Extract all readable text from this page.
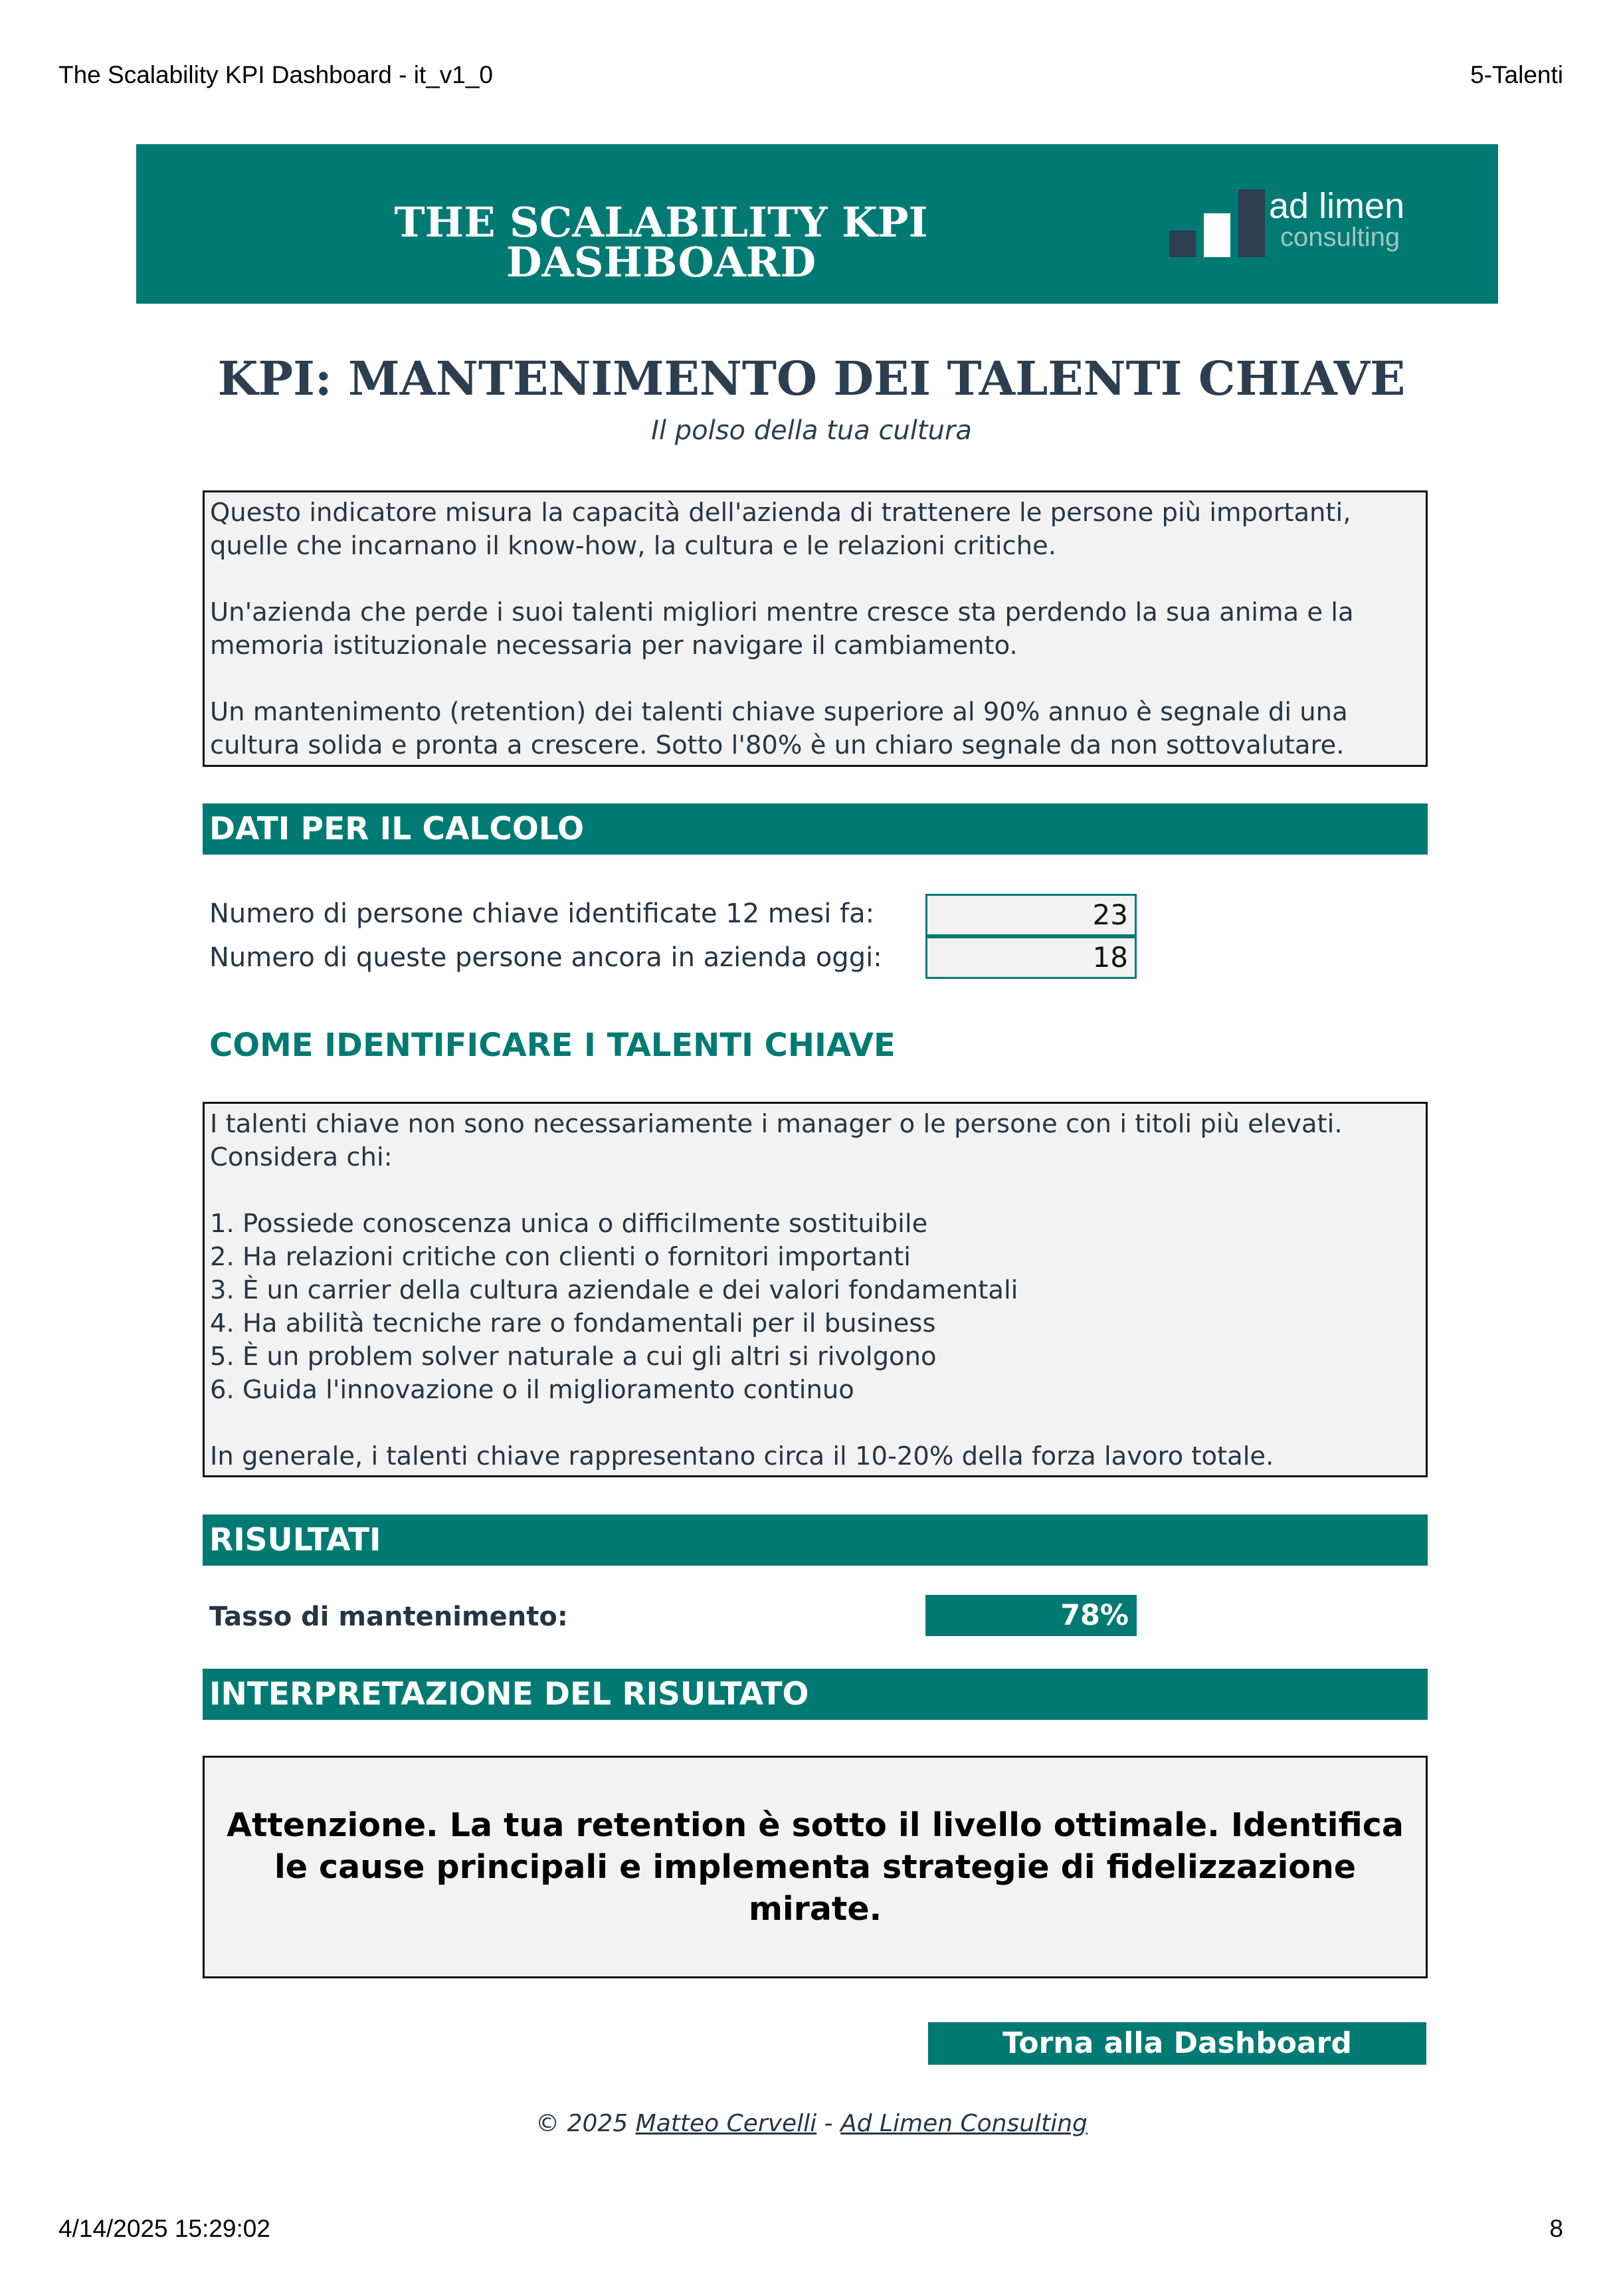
The Scalability KPI Dashboard - it_v1_0	5-Talenti
THE SCALABILITY KPI DASHBOARD
ad limen
consulting
KPI: MANTENIMENTO DEI TALENTI CHIAVE
Il polso della tua cultura

Questo indicatore misura la capacità dell'azienda di trattenere le persone più importanti, quelle che incarnano il know-how, la cultura e le relazioni critiche.

Un'azienda che perde i suoi talenti migliori mentre cresce sta perdendo la sua anima e la memoria istituzionale necessaria per navigare il cambiamento.

Un mantenimento (retention) dei talenti chiave superiore al 90% annuo è segnale di una cultura solida e pronta a crescere. Sotto l'80% è un chiaro segnale da non sottovalutare.

DATI PER IL CALCOLO
Numero di persone chiave identificate 12 mesi fa:	23
Numero di queste persone ancora in azienda oggi:	18
COME IDENTIFICARE I TALENTI CHIAVE

I talenti chiave non sono necessariamente i manager o le persone con i titoli più elevati. Considera chi:

1. Possiede conoscenza unica o difficilmente sostituibile

2. Ha relazioni critiche con clienti o fornitori importanti

3. È un carrier della cultura aziendale e dei valori fondamentali

4. Ha abilità tecniche rare o fondamentali per il business

5. È un problem solver naturale a cui gli altri si rivolgono

6. Guida l'innovazione o il miglioramento continuo

In generale, i talenti chiave rappresentano circa il 10-20% della forza lavoro totale.

RISULTATI
Tasso di mantenimento:	78%
INTERPRETAZIONE DEL RISULTATO
Attenzione. La tua retention è sotto il livello ottimale. Identifica le cause principali e implementa strategie di fidelizzazione mirate.
Torna alla Dashboard
© 2025 Matteo Cervelli - Ad Limen Consulting
4/14/2025 15:29:02	8
